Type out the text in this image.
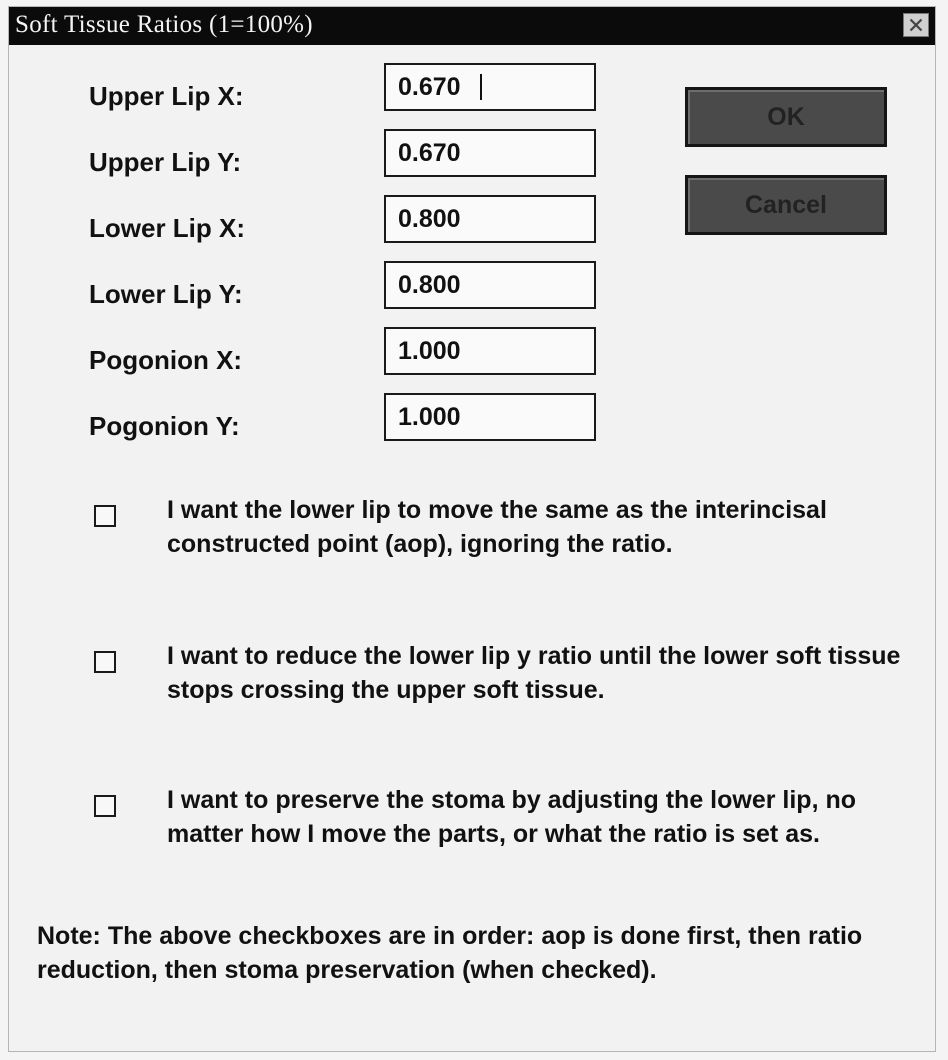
Soft Tissue Ratios (1=100%)
Upper Lip X:
0.670
Upper Lip Y:
0.670
Lower Lip X:
0.800
Lower Lip Y:
0.800
Pogonion X:
1.000
Pogonion Y:
1.000
OK
Cancel
I want the lower lip to move the same as the interincisal constructed point (aop), ignoring the ratio.
I want to reduce the lower lip y ratio until the lower soft tissue stops crossing the upper soft tissue.
I want to preserve the stoma by adjusting the lower lip, no matter how I move the parts, or what the ratio is set as.
Note: The above checkboxes are in order: aop is done first, then ratio reduction, then stoma preservation (when checked).
